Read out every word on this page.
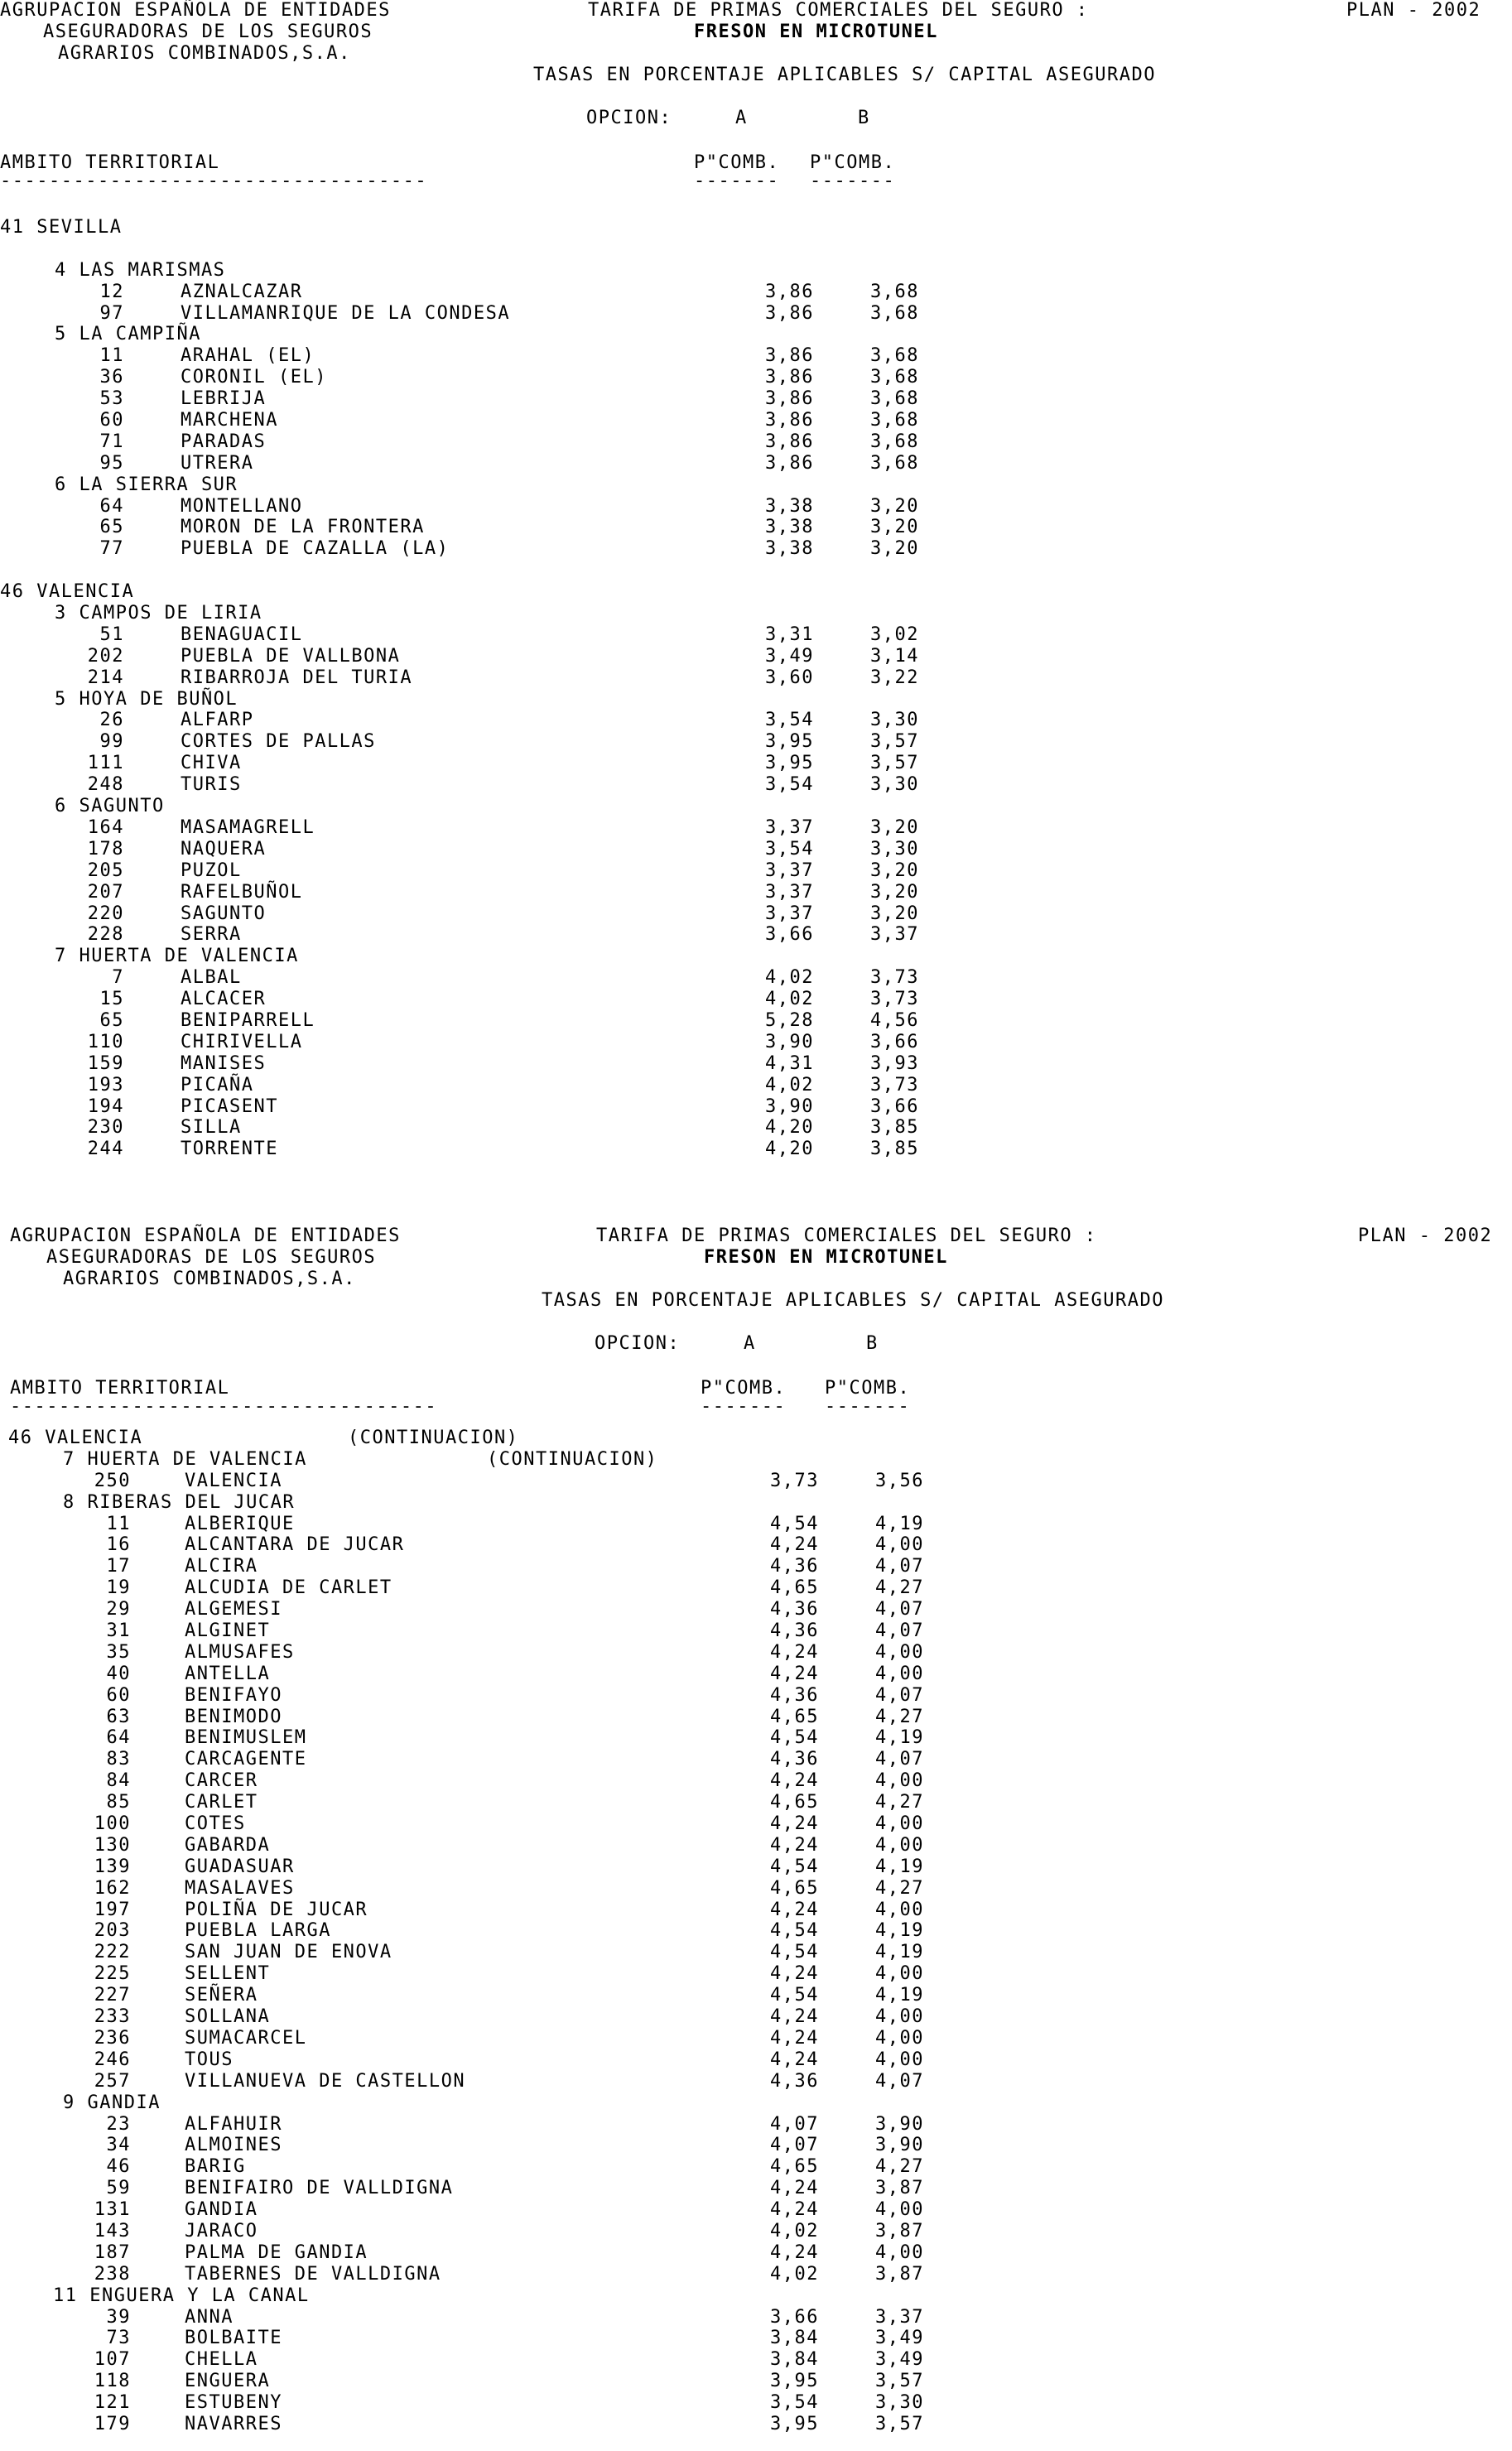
AGRUPACION ESPAÑOLA DE ENTIDADES
ASEGURADORAS DE LOS SEGUROS
AGRARIOS COMBINADOS,S.A.
TARIFA DE PRIMAS COMERCIALES DEL SEGURO :
FRESON EN MICROTUNEL
PLAN - 2002
TASAS EN PORCENTAJE APLICABLES S/ CAPITAL ASEGURADO
OPCION:	A	B
AMBITO TERRITORIAL
-----------------------------------
P"COMB. P"COMB.
------- -------
41 SEVILLA
4 LAS MARISMAS
12	AZNALCAZAR	3,86	3,68
97	VILLAMANRIQUE DE LA CONDESA	3,86	3,68
5 LA CAMPIÑA
11	ARAHAL (EL)	3,86	3,68
36	CORONIL (EL)	3,86	3,68
53	LEBRIJA	3,86	3,68
60	MARCHENA	3,86	3,68
71	PARADAS	3,86	3,68
95	UTRERA	3,86	3,68
6 LA SIERRA SUR
64	MONTELLANO	3,38	3,20
65	MORON DE LA FRONTERA	3,38	3,20
77	PUEBLA DE CAZALLA (LA)	3,38	3,20
46 VALENCIA
3 CAMPOS DE LIRIA
51	BENAGUACIL	3,31	3,02
202	PUEBLA DE VALLBONA	3,49	3,14
214	RIBARROJA DEL TURIA	3,60	3,22
5 HOYA DE BUÑOL
26	ALFARP	3,54	3,30
99	CORTES DE PALLAS	3,95	3,57
111	CHIVA	3,95	3,57
248	TURIS	3,54	3,30
6 SAGUNTO
164	MASAMAGRELL	3,37	3,20
178	NAQUERA	3,54	3,30
205	PUZOL	3,37	3,20
207	RAFELBUÑOL	3,37	3,20
220	SAGUNTO	3,37	3,20
228	SERRA	3,66	3,37
7 HUERTA DE VALENCIA
7	ALBAL	4,02	3,73
15	ALCACER	4,02	3,73
65	BENIPARRELL	5,28	4,56
110	CHIRIVELLA	3,90	3,66
159	MANISES	4,31	3,93
193	PICAÑA	4,02	3,73
194	PICASENT	3,90	3,66
230	SILLA	4,20	3,85
244	TORRENTE	4,20	3,85
AGRUPACION ESPAÑOLA DE ENTIDADES
ASEGURADORAS DE LOS SEGUROS
AGRARIOS COMBINADOS,S.A.
TARIFA DE PRIMAS COMERCIALES DEL SEGURO :
FRESON EN MICROTUNEL
PLAN - 2002
TASAS EN PORCENTAJE APLICABLES S/ CAPITAL ASEGURADO
OPCION:	A	B
AMBITO TERRITORIAL
-----------------------------------
P"COMB. P"COMB.
------- -------
46 VALENCIA	(CONTINUACION)
7 HUERTA DE VALENCIA	(CONTINUACION)
250	VALENCIA	3,73	3,56
8 RIBERAS DEL JUCAR
11	ALBERIQUE	4,54	4,19
16	ALCANTARA DE JUCAR	4,24	4,00
17	ALCIRA	4,36	4,07
19	ALCUDIA DE CARLET	4,65	4,27
29	ALGEMESI	4,36	4,07
31	ALGINET	4,36	4,07
35	ALMUSAFES	4,24	4,00
40	ANTELLA	4,24	4,00
60	BENIFAYO	4,36	4,07
63	BENIMODO	4,65	4,27
64	BENIMUSLEM	4,54	4,19
83	CARCAGENTE	4,36	4,07
84	CARCER	4,24	4,00
85	CARLET	4,65	4,27
100	COTES	4,24	4,00
130	GABARDA	4,24	4,00
139	GUADASUAR	4,54	4,19
162	MASALAVES	4,65	4,27
197	POLIÑA DE JUCAR	4,24	4,00
203	PUEBLA LARGA	4,54	4,19
222	SAN JUAN DE ENOVA	4,54	4,19
225	SELLENT	4,24	4,00
227	SEÑERA	4,54	4,19
233	SOLLANA	4,24	4,00
236	SUMACARCEL	4,24	4,00
246	TOUS	4,24	4,00
257	VILLANUEVA DE CASTELLON	4,36	4,07
9 GANDIA
23	ALFAHUIR	4,07	3,90
34	ALMOINES	4,07	3,90
46	BARIG	4,65	4,27
59	BENIFAIRO DE VALLDIGNA	4,24	3,87
131	GANDIA	4,24	4,00
143	JARACO	4,02	3,87
187	PALMA DE GANDIA	4,24	4,00
238	TABERNES DE VALLDIGNA	4,02	3,87
11 ENGUERA Y LA CANAL
39	ANNA	3,66	3,37
73	BOLBAITE	3,84	3,49
107	CHELLA	3,84	3,49
118	ENGUERA	3,95	3,57
121	ESTUBENY	3,54	3,30
179	NAVARRES	3,95	3,57
